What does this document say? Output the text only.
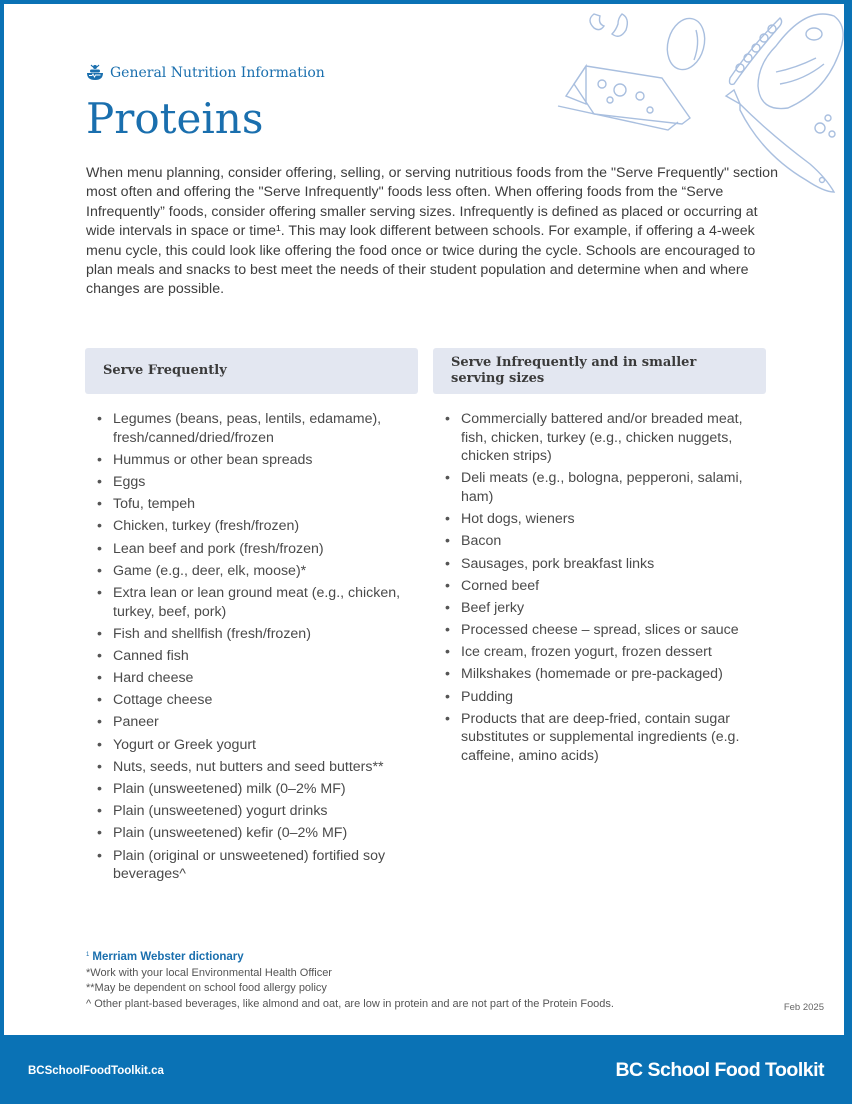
General Nutrition Information
Proteins

When menu planning, consider offering, selling, or serving nutritious foods from the "Serve Frequently" section most often and offering the "Serve Infrequently" foods less often. When offering foods from the “Serve Infrequently” foods, consider offering smaller serving sizes. Infrequently is defined as placed or occurring at wide intervals in space or time¹. This may look different between schools. For example, if offering a 4-week menu cycle, this could look like offering the food once or twice during the cycle. Schools are encouraged to plan meals and snacks to best meet the needs of their student population and determine when and where changes are possible.

Serve Frequently
• Legumes (beans, peas, lentils, edamame), fresh/canned/dried/frozen
• Hummus or other bean spreads
• Eggs
• Tofu, tempeh
• Chicken, turkey (fresh/frozen)
• Lean beef and pork (fresh/frozen)
• Game (e.g., deer, elk, moose)*
• Extra lean or lean ground meat (e.g., chicken, turkey, beef, pork)
• Fish and shellfish (fresh/frozen)
• Canned fish
• Hard cheese
• Cottage cheese
• Paneer
• Yogurt or Greek yogurt
• Nuts, seeds, nut butters and seed butters**
• Plain (unsweetened) milk (0–2% MF)
• Plain (unsweetened) yogurt drinks
• Plain (unsweetened) kefir (0–2% MF)
• Plain (original or unsweetened) fortified soy beverages^
Serve Infrequently and in smaller serving sizes
• Commercially battered and/or breaded meat, fish, chicken, turkey (e.g., chicken nuggets, chicken strips)
• Deli meats (e.g., bologna, pepperoni, salami, ham)
• Hot dogs, wieners
• Bacon
• Sausages, pork breakfast links
• Corned beef
• Beef jerky
• Processed cheese – spread, slices or sauce
• Ice cream, frozen yogurt, frozen dessert
• Milkshakes (homemade or pre-packaged)
• Pudding
• Products that are deep-fried, contain sugar substitutes or supplemental ingredients (e.g. caffeine, amino acids)
$^1$ Merriam Webster dictionary
*Work with your local Environmental Health Officer
**May be dependent on school food allergy policy
^ Other plant-based beverages, like almond and oat, are low in protein and are not part of the Protein Foods.	Feb 2025
BCSchoolFoodToolkit.ca	BC School Food Toolkit
